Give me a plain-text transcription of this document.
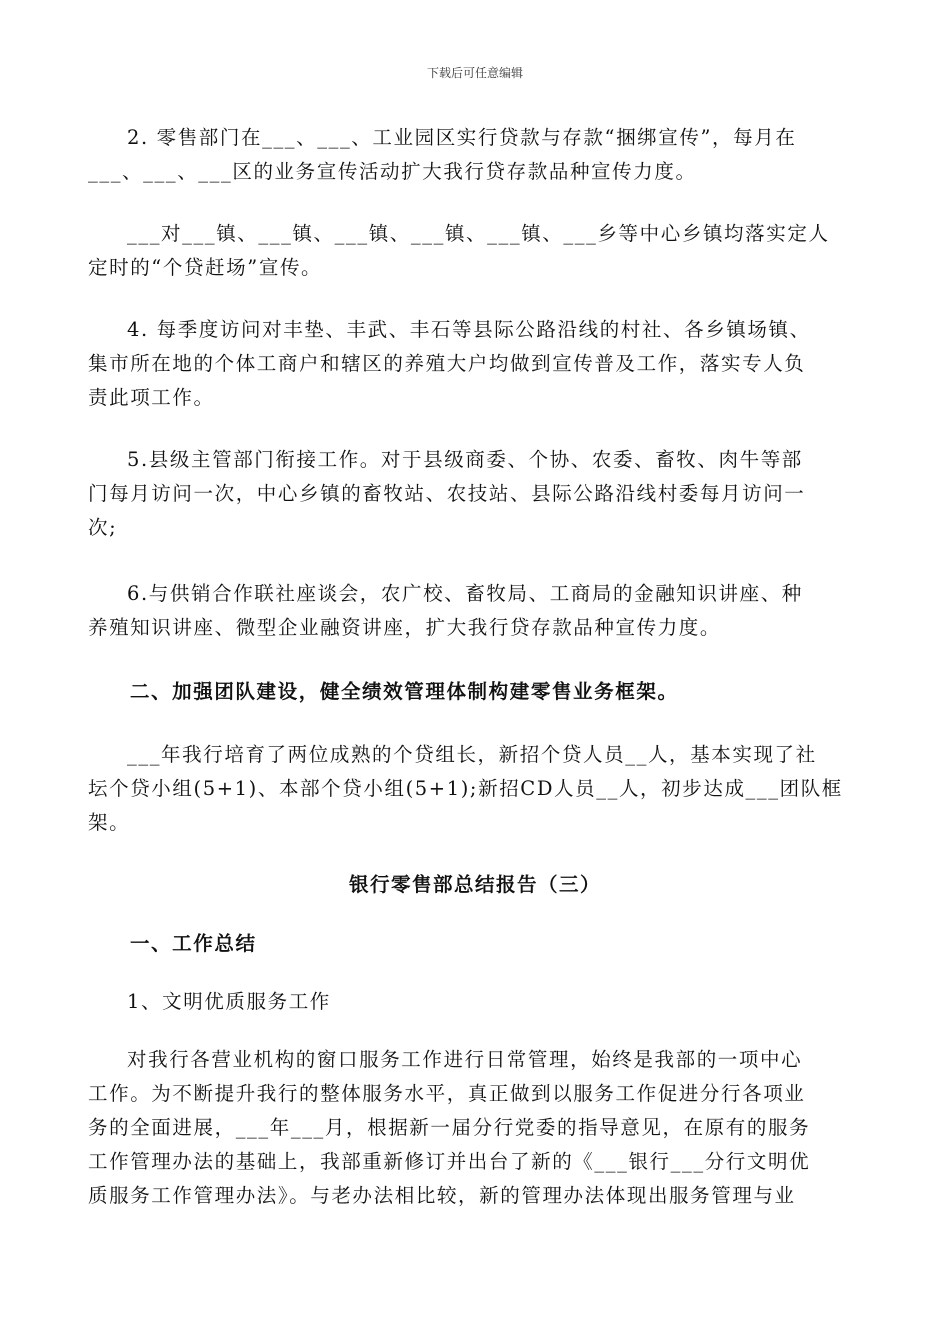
下载后可任意编辑
2. 零售部门在___、___、工业园区实行贷款与存款“捆绑宣传”，每月在
___、___、___区的业务宣传活动扩大我行贷存款品种宣传力度。
___对___镇、___镇、___镇、___镇、___镇、___乡等中心乡镇均落实定人
定时的“个贷赶场”宣传。
4. 每季度访问对丰垫、丰武、丰石等县际公路沿线的村社、各乡镇场镇、
集市所在地的个体工商户和辖区的养殖大户均做到宣传普及工作，落实专人负
责此项工作。
5.县级主管部门衔接工作。对于县级商委、个协、农委、畜牧、肉牛等部
门每月访问一次，中心乡镇的畜牧站、农技站、县际公路沿线村委每月访问一
次;
6.与供销合作联社座谈会，农广校、畜牧局、工商局的金融知识讲座、种
养殖知识讲座、微型企业融资讲座，扩大我行贷存款品种宣传力度。
二、加强团队建设，健全绩效管理体制构建零售业务框架。
___年我行培育了两位成熟的个贷组长，新招个贷人员__人，基本实现了社
坛个贷小组(5+1)、本部个贷小组(5+1);新招CD人员__人，初步达成___团队框
架。
银行零售部总结报告（三）
一、工作总结
1、文明优质服务工作
对我行各营业机构的窗口服务工作进行日常管理，始终是我部的一项中心
工作。为不断提升我行的整体服务水平，真正做到以服务工作促进分行各项业
务的全面进展，___年___月，根据新一届分行党委的指导意见，在原有的服务
工作管理办法的基础上，我部重新修订并出台了新的《___银行___分行文明优
质服务工作管理办法》。与老办法相比较，新的管理办法体现出服务管理与业
